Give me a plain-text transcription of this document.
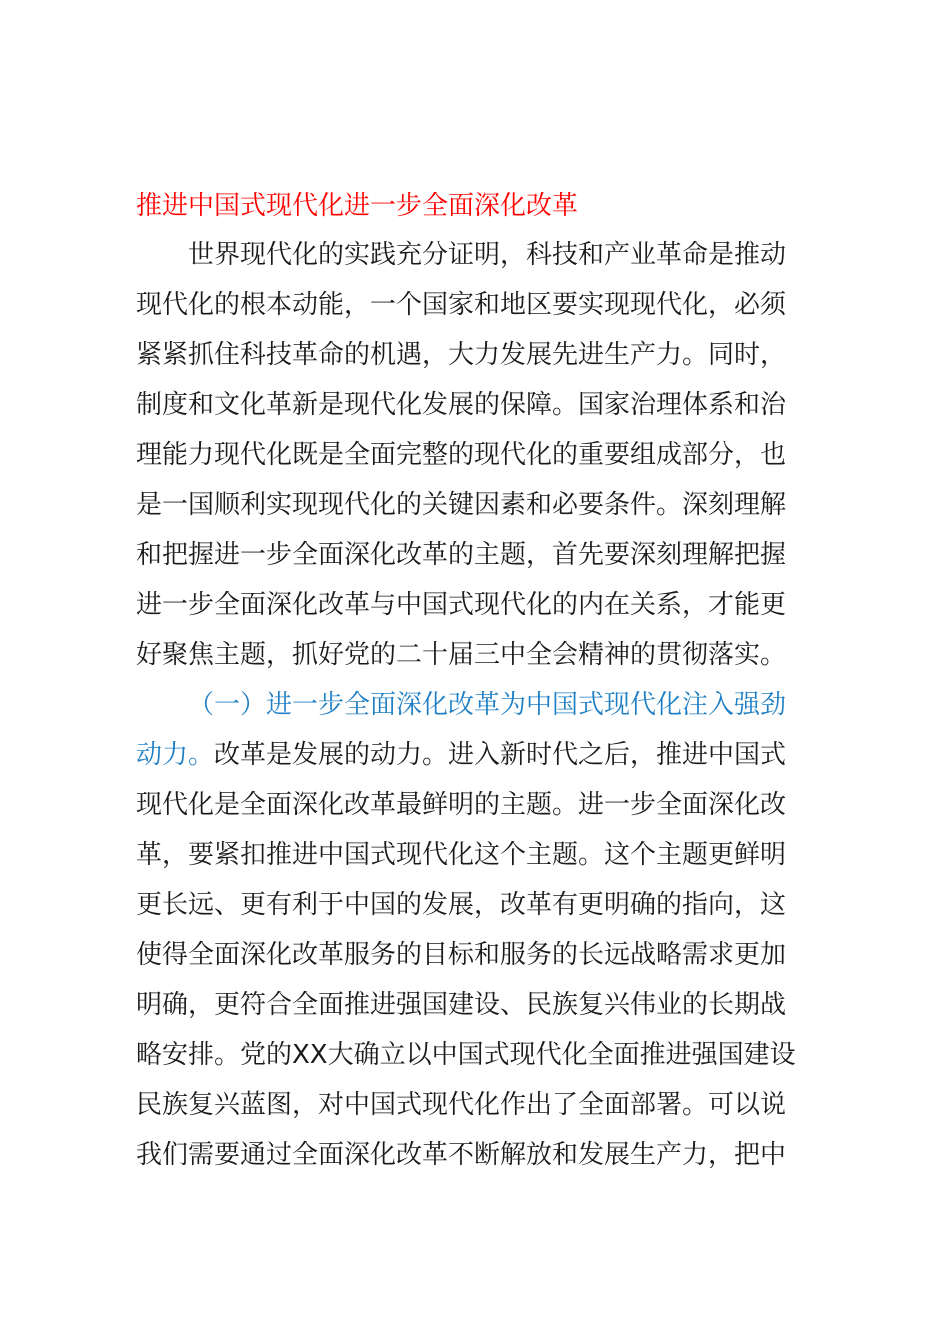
推进中国式现代化进一步全面深化改革
世界现代化的实践充分证明，科技和产业革命是推动
现代化的根本动能，一个国家和地区要实现现代化，必须
紧紧抓住科技革命的机遇，大力发展先进生产力。同时，
制度和文化革新是现代化发展的保障。国家治理体系和治
理能力现代化既是全面完整的现代化的重要组成部分，也
是一国顺利实现现代化的关键因素和必要条件。深刻理解
和把握进一步全面深化改革的主题，首先要深刻理解把握
进一步全面深化改革与中国式现代化的内在关系，才能更
好聚焦主题，抓好党的二十届三中全会精神的贯彻落实。
（一）进一步全面深化改革为中国式现代化注入强劲
动力。改革是发展的动力。进入新时代之后，推进中国式
现代化是全面深化改革最鲜明的主题。进一步全面深化改
革，要紧扣推进中国式现代化这个主题。这个主题更鲜明
更长远、更有利于中国的发展，改革有更明确的指向，这
使得全面深化改革服务的目标和服务的长远战略需求更加
明确，更符合全面推进强国建设、民族复兴伟业的长期战
略安排。党的XX大确立以中国式现代化全面推进强国建设
民族复兴蓝图，对中国式现代化作出了全面部署。可以说
我们需要通过全面深化改革不断解放和发展生产力，把中
